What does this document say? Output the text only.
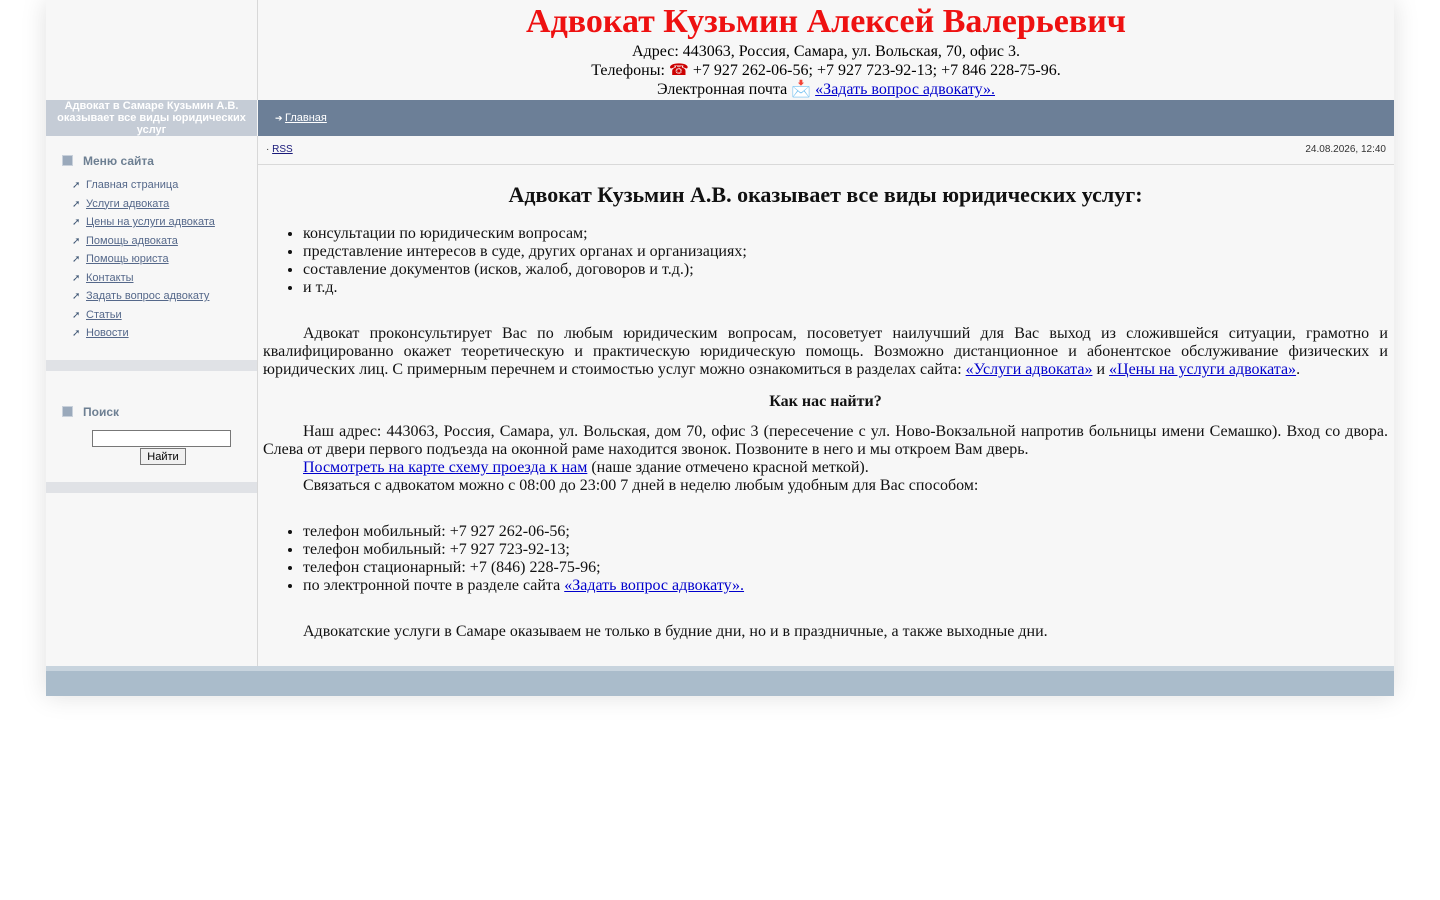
Адвокат Кузьмин Алексей Валерьевич
Адрес: 443063, Россия, Самара, ул. Вольская, 70, офис 3.
Телефоны: ☎ +7 927 262-06-56; +7 927 723-92-13; +7 846 228-75-96.
Электронная почта 📩 «Задать вопрос адвокату».
Адвокат в Самаре Кузьмин А.В. оказывает все виды юридических услуг
➔ Главная
Меню сайта
➚ Главная страница
➚ Услуги адвоката
➚ Цены на услуги адвоката
➚ Помощь адвоката
➚ Помощь юриста
➚ Контакты
➚ Задать вопрос адвокату
➚ Статьи
➚ Новости
Поиск
Найти
· RSS	24.08.2026, 12:40
Адвокат Кузьмин А.В. оказывает все виды юридических услуг:
• консультации по юридическим вопросам;
• представление интересов в суде, других органах и организациях;
• составление документов (исков, жалоб, договоров и т.д.);
• и т.д.

Адвокат проконсультирует Вас по любым юридическим вопросам, посоветует наилучший для Вас выход из сложившейся ситуации, грамотно и квалифицированно окажет теоретическую и практическую юридическую помощь. Возможно дистанционное и абонентское обслуживание физических и юридических лиц. С примерным перечнем и стоимостью услуг можно ознакомиться в разделах сайта: «Услуги адвоката» и «Цены на услуги адвоката».

Как нас найти?

Наш адрес: 443063, Россия, Самара, ул. Вольская, дом 70, офис 3 (пересечение с ул. Ново-Вокзальной напротив больницы имени Семашко). Вход со двора. Слева от двери первого подъезда на оконной раме находится звонок. Позвоните в него и мы откроем Вам дверь.

Посмотреть на карте схему проезда к нам (наше здание отмечено красной меткой).

Связаться с адвокатом можно с 08:00 до 23:00 7 дней в неделю любым удобным для Вас способом:

• телефон мобильный: +7 927 262-06-56;
• телефон мобильный: +7 927 723-92-13;
• телефон стационарный: +7 (846) 228-75-96;
• по электронной почте в разделе сайта «Задать вопрос адвокату».

Адвокатские услуги в Самаре оказываем не только в будние дни, но и в праздничные, а также выходные дни.
